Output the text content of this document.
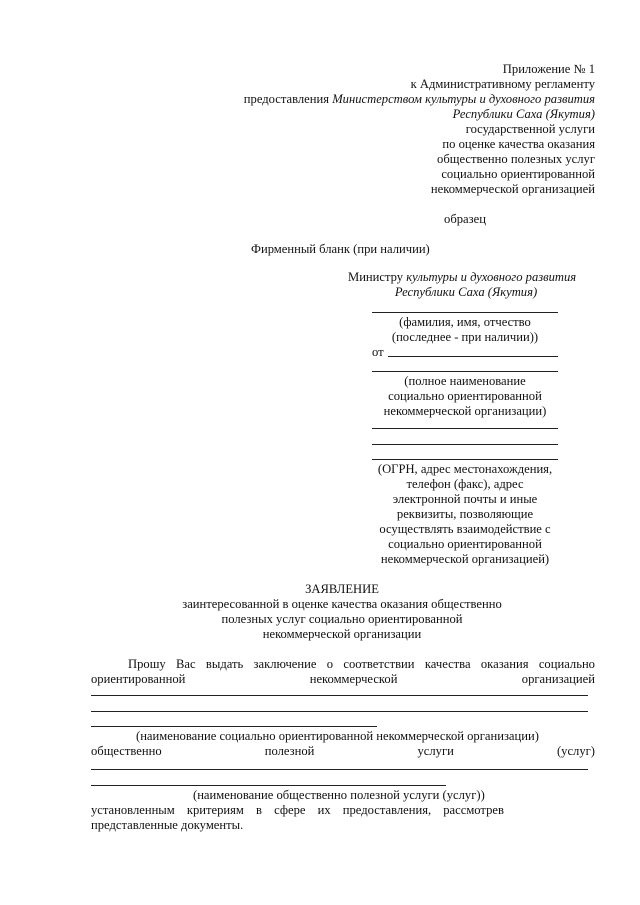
Приложение № 1
к Административному регламенту
предоставления Министерством культуры и духовного развития
Республики Саха (Якутия)
государственной услуги
по оценке качества оказания
общественно полезных услуг
социально ориентированной
некоммерческой организацией
образец
Фирменный бланк (при наличии)
Министру культуры и духовного развития
Республики Саха (Якутия)
(фамилия, имя, отчество
(последнее - при наличии))
от
(полное наименование
социально ориентированной
некоммерческой организации)
(ОГРН, адрес местонахождения,
телефон (факс), адрес
электронной почты и иные
реквизиты, позволяющие
осуществлять взаимодействие с
социально ориентированной
некоммерческой организацией)
ЗАЯВЛЕНИЕ
заинтересованной в оценке качества оказания общественно
полезных услуг социально ориентированной
некоммерческой организации
Прошу Вас выдать заключение о соответствии качества оказания социально
ориентированной	некоммерческой	организацией
(наименование социально ориентированной некоммерческой организации)
общественно	полезной	услуги	(услуг)
(наименование общественно полезной услуги (услуг))
установленным критериям в сфере их предоставления, рассмотрев
представленные документы.
